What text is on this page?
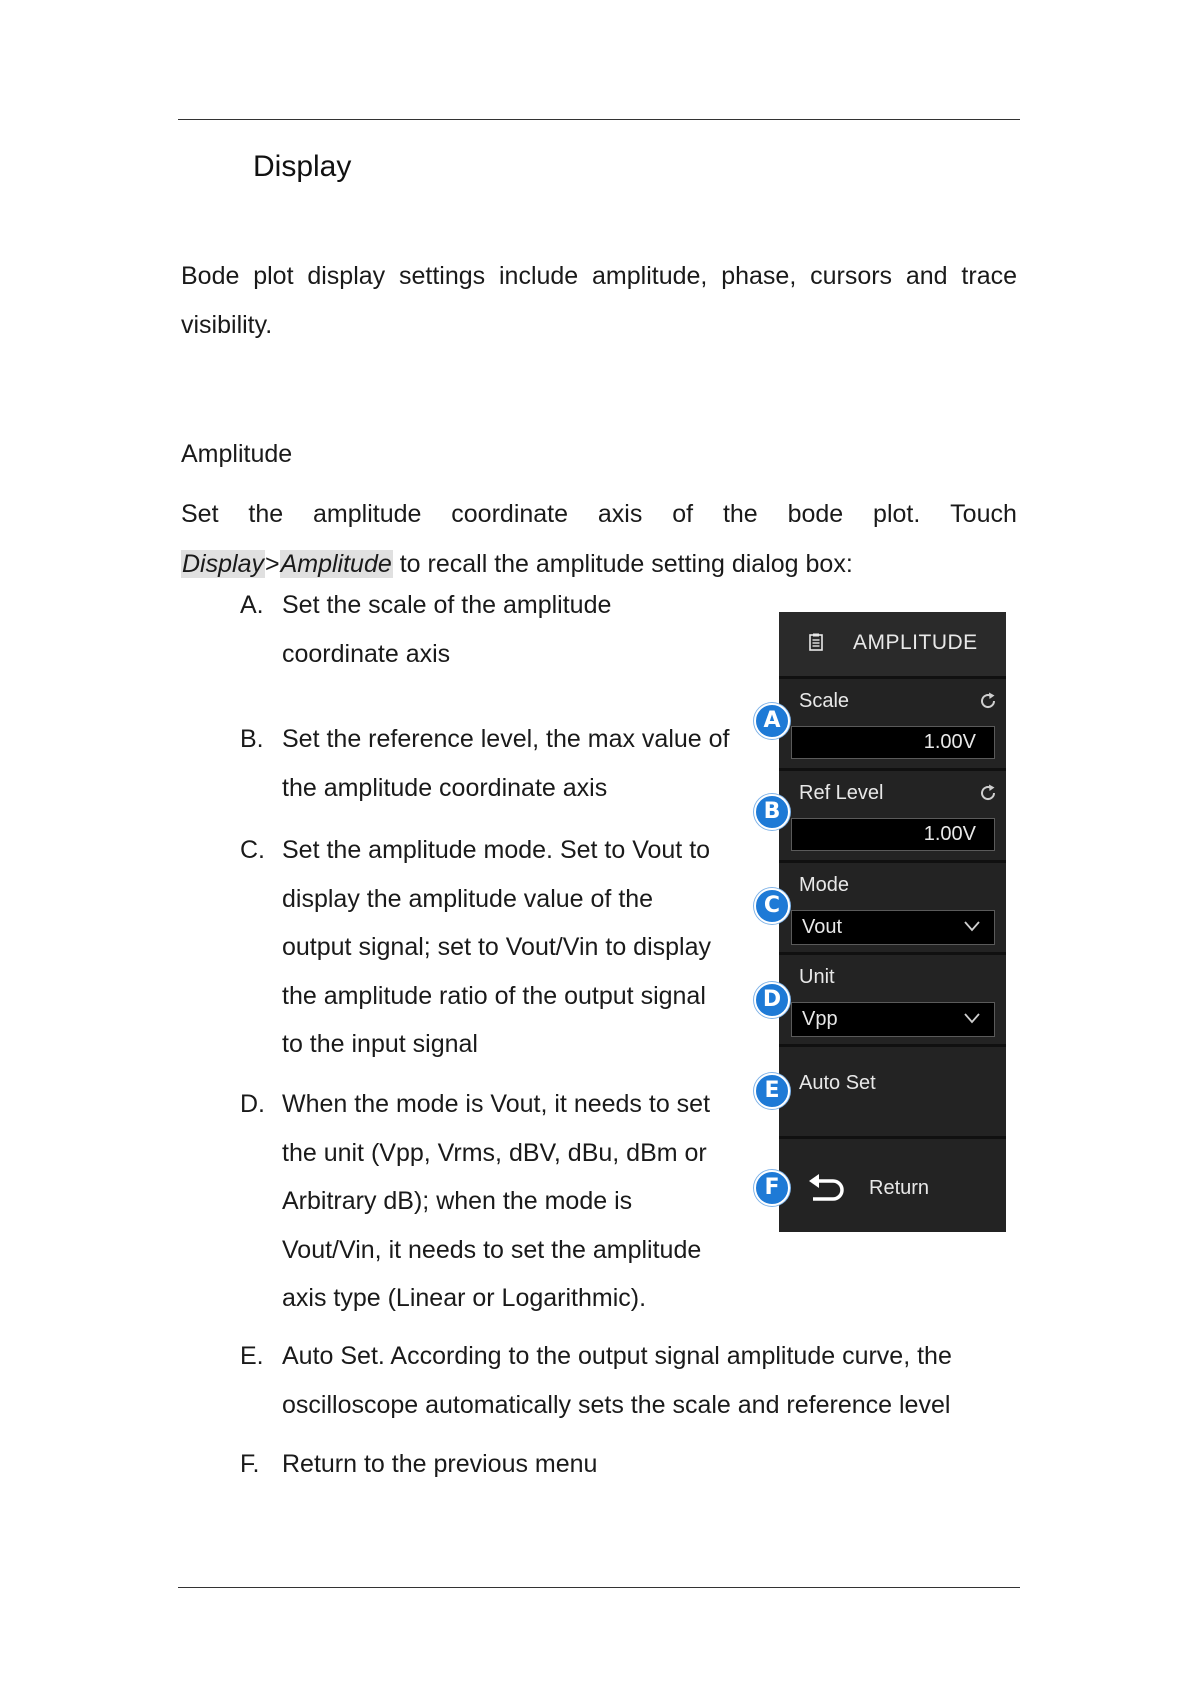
Display
Bode plot display settings include amplitude, phase, cursors and trace visibility.
Amplitude
Set the amplitude coordinate axis of the bode plot. Touch
Display>Amplitude to recall the amplitude setting dialog box:
A. Set the scale of the amplitude
coordinate axis
B. Set the reference level, the max value of
the amplitude coordinate axis
C. Set the amplitude mode. Set to Vout to
display the amplitude value of the
output signal; set to Vout/Vin to display
the amplitude ratio of the output signal
to the input signal
D. When the mode is Vout, it needs to set
the unit (Vpp, Vrms, dBV, dBu, dBm or
Arbitrary dB); when the mode is
Vout/Vin, it needs to set the amplitude
axis type (Linear or Logarithmic).
E. Auto Set. According to the output signal amplitude curve, the
oscilloscope automatically sets the scale and reference level
F. Return to the previous menu
AMPLITUDE
Scale
1.00V
Ref Level
1.00V
Mode
Vout
Unit
Vpp
Auto Set
Return
A
B
C
D
E
F
